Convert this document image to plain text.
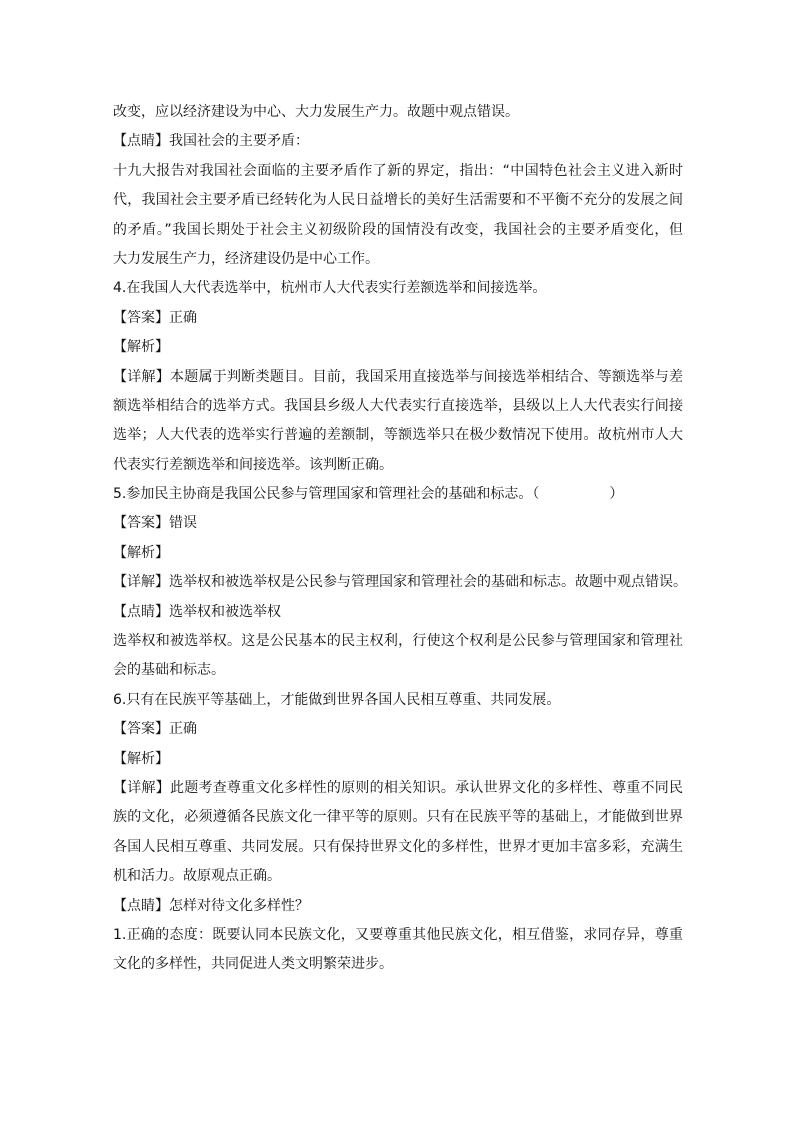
改变，应以经济建设为中心、大力发展生产力。故题中观点错误。
【点睛】我国社会的主要矛盾：
十九大报告对我国社会面临的主要矛盾作了新的界定，指出：“中国特色社会主义进入新时
代，我国社会主要矛盾已经转化为人民日益增长的美好生活需要和不平衡不充分的发展之间
的矛盾。”我国长期处于社会主义初级阶段的国情没有改变，我国社会的主要矛盾变化，但
大力发展生产力，经济建设仍是中心工作。
4.在我国人大代表选举中，杭州市人大代表实行差额选举和间接选举。
【答案】正确
【解析】
【详解】本题属于判断类题目。目前，我国采用直接选举与间接选举相结合、等额选举与差
额选举相结合的选举方式。我国县乡级人大代表实行直接选举，县级以上人大代表实行间接
选举；人大代表的选举实行普遍的差额制，等额选举只在极少数情况下使用。故杭州市人大
代表实行差额选举和间接选举。该判断正确。
5.参加民主协商是我国公民参与管理国家和管理社会的基础和标志。（　　　　　）
【答案】错误
【解析】
【详解】选举权和被选举权是公民参与管理国家和管理社会的基础和标志。故题中观点错误。
【点睛】选举权和被选举权
选举权和被选举权。这是公民基本的民主权利，行使这个权利是公民参与管理国家和管理社
会的基础和标志。
6.只有在民族平等基础上，才能做到世界各国人民相互尊重、共同发展。
【答案】正确
【解析】
【详解】此题考查尊重文化多样性的原则的相关知识。承认世界文化的多样性、尊重不同民
族的文化，必须遵循各民族文化一律平等的原则。只有在民族平等的基础上，才能做到世界
各国人民相互尊重、共同发展。只有保持世界文化的多样性，世界才更加丰富多彩，充满生
机和活力。故原观点正确。
【点睛】怎样对待文化多样性？
1.正确的态度：既要认同本民族文化，又要尊重其他民族文化，相互借鉴，求同存异，尊重
文化的多样性，共同促进人类文明繁荣进步。
